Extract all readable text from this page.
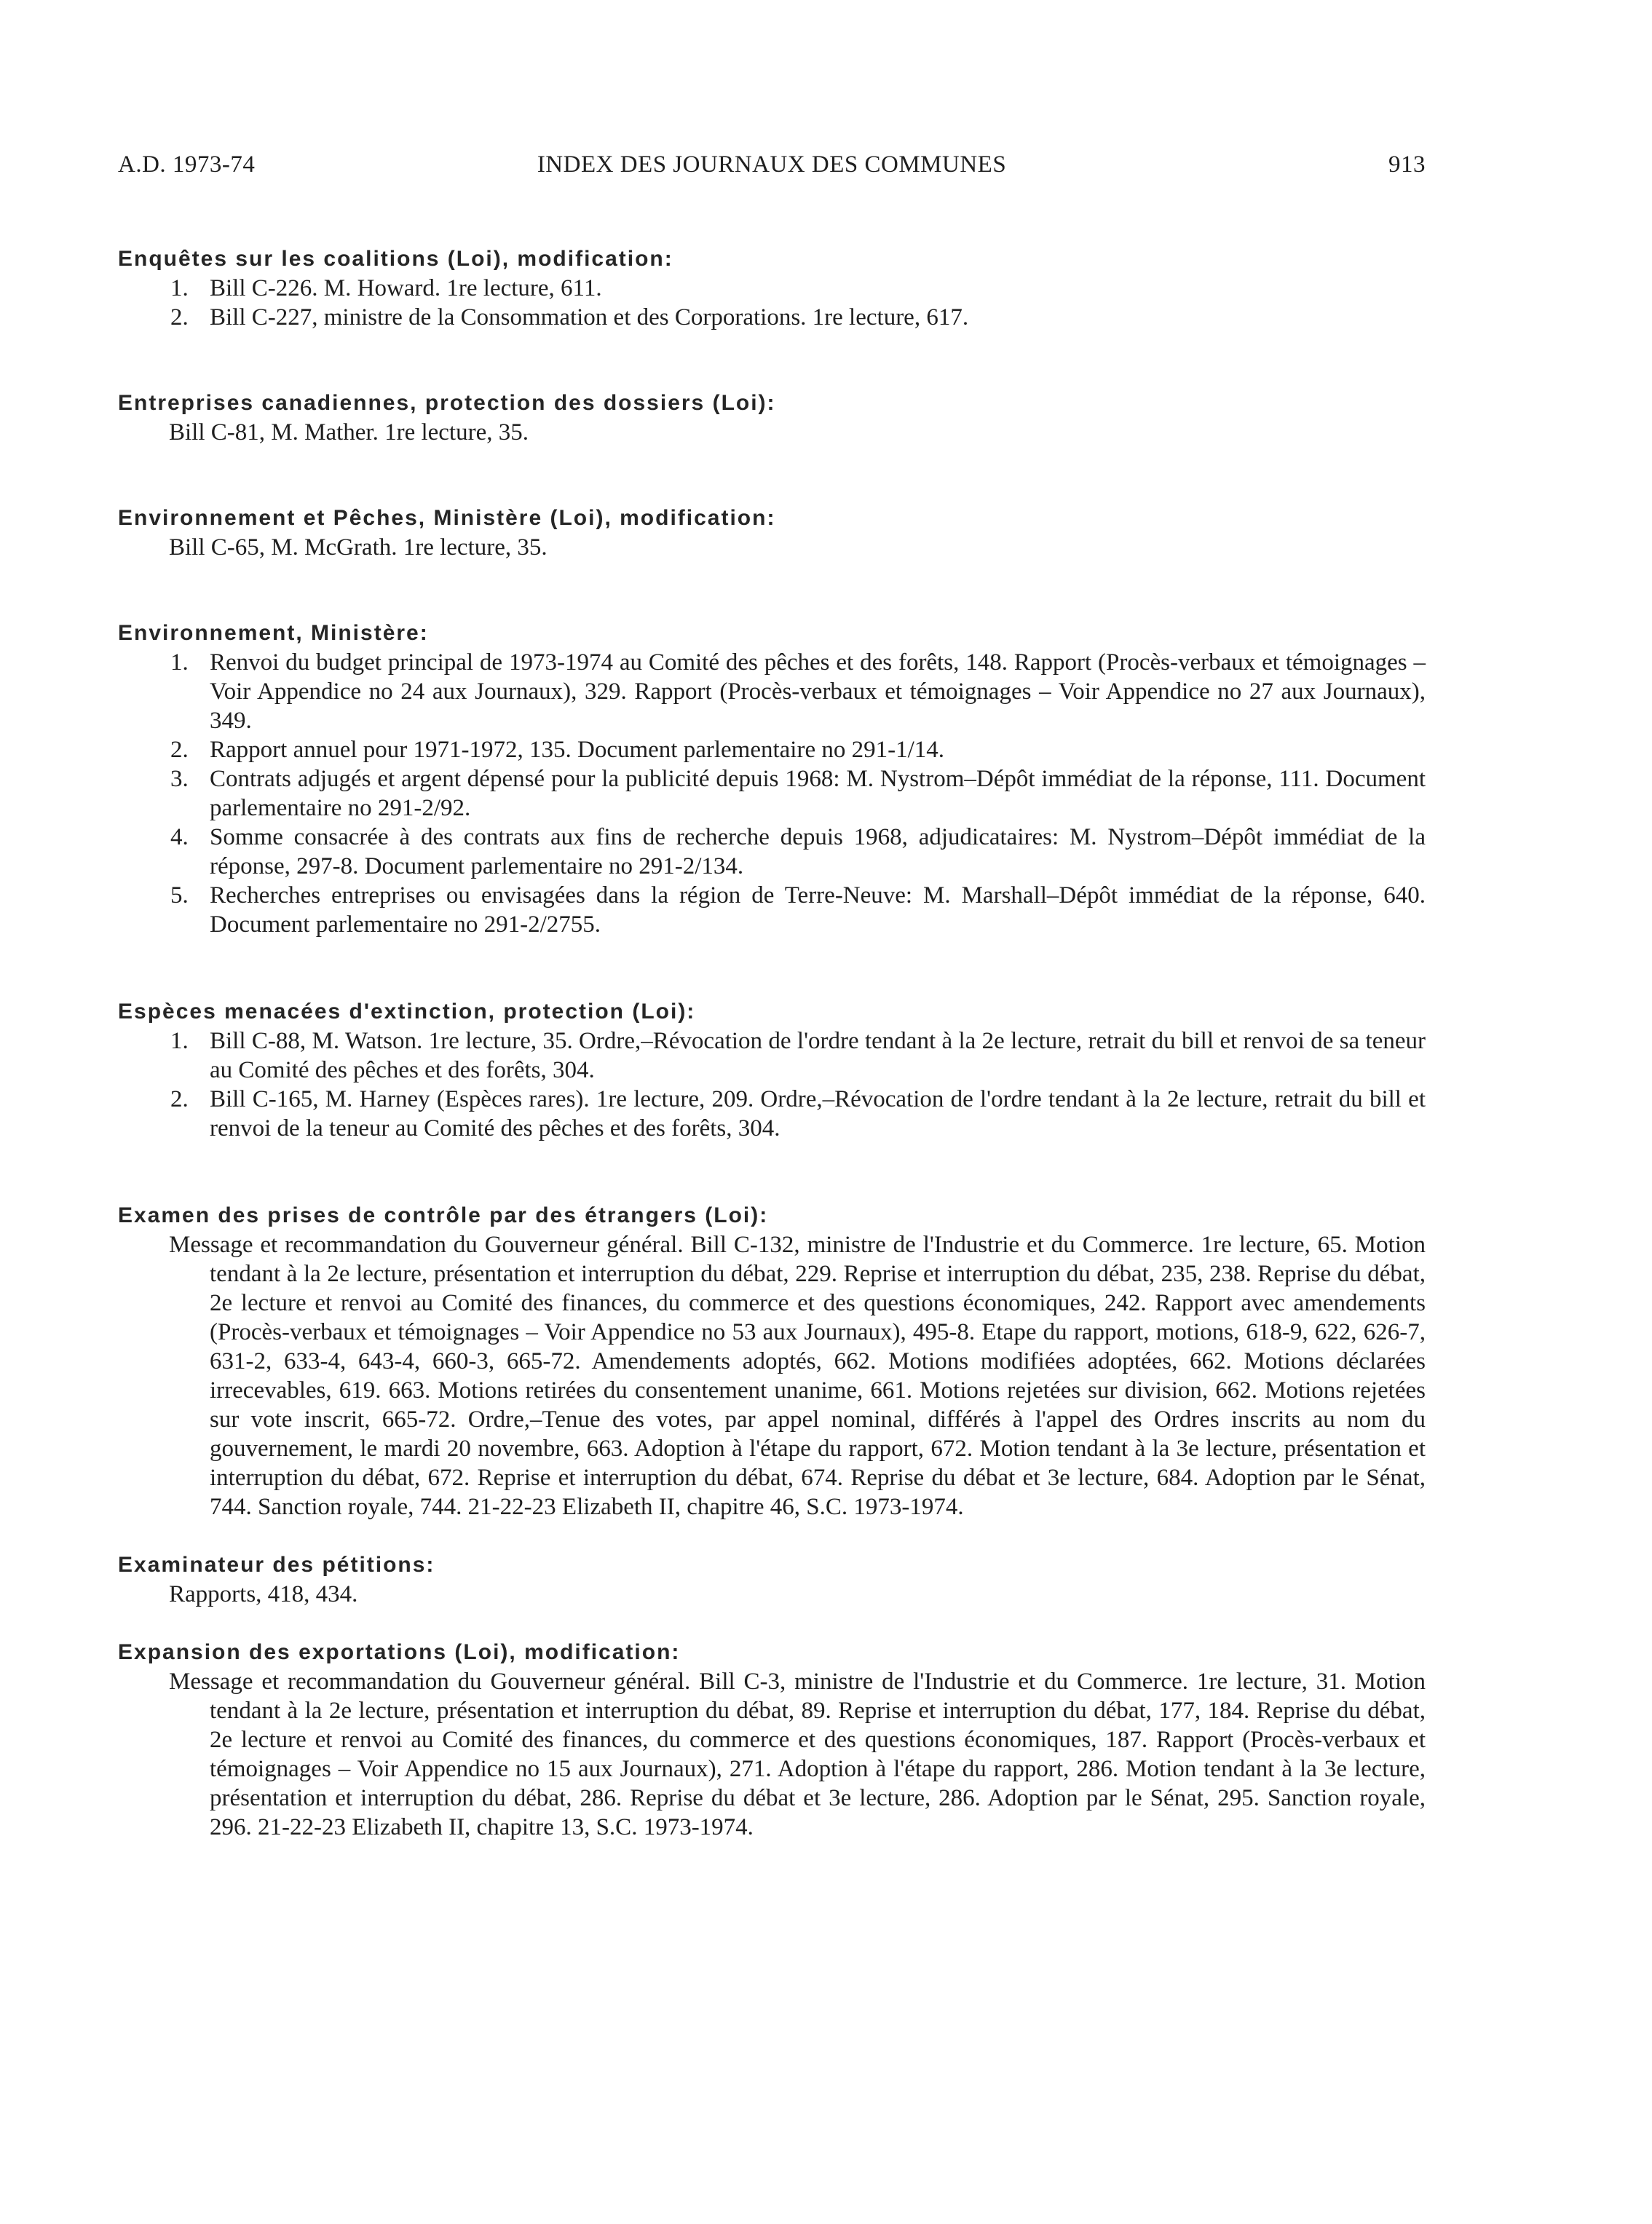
A.D. 1973-74	INDEX DES JOURNAUX DES COMMUNES	913
Enquêtes sur les coalitions (Loi), modification:
1. Bill C-226. M. Howard. 1re lecture, 611.
2. Bill C-227, ministre de la Consommation et des Corporations. 1re lecture, 617.
Entreprises canadiennes, protection des dossiers (Loi):
Bill C-81, M. Mather. 1re lecture, 35.
Environnement et Pêches, Ministère (Loi), modification:
Bill C-65, M. McGrath. 1re lecture, 35.
Environnement, Ministère:
1. Renvoi du budget principal de 1973-1974 au Comité des pêches et des forêts, 148. Rapport (Procès-verbaux et témoignages – Voir Appendice no 24 aux Journaux), 329. Rapport (Procès-verbaux et témoignages – Voir Appendice no 27 aux Journaux), 349.
2. Rapport annuel pour 1971-1972, 135. Document parlementaire no 291-1/14.
3. Contrats adjugés et argent dépensé pour la publicité depuis 1968: M. Nystrom–Dépôt immédiat de la réponse, 111. Document parlementaire no 291-2/92.
4. Somme consacrée à des contrats aux fins de recherche depuis 1968, adjudicataires: M. Nystrom–Dépôt immédiat de la réponse, 297-8. Document parlementaire no 291-2/134.
5. Recherches entreprises ou envisagées dans la région de Terre-Neuve: M. Marshall–Dépôt immédiat de la réponse, 640. Document parlementaire no 291-2/2755.
Espèces menacées d'extinction, protection (Loi):
1. Bill C-88, M. Watson. 1re lecture, 35. Ordre,–Révocation de l'ordre tendant à la 2e lecture, retrait du bill et renvoi de sa teneur au Comité des pêches et des forêts, 304.
2. Bill C-165, M. Harney (Espèces rares). 1re lecture, 209. Ordre,–Révocation de l'ordre tendant à la 2e lecture, retrait du bill et renvoi de la teneur au Comité des pêches et des forêts, 304.
Examen des prises de contrôle par des étrangers (Loi):
Message et recommandation du Gouverneur général. Bill C-132, ministre de l'Industrie et du Commerce. 1re lecture, 65. Motion tendant à la 2e lecture, présentation et interruption du débat, 229. Reprise et interruption du débat, 235, 238. Reprise du débat, 2e lecture et renvoi au Comité des finances, du commerce et des questions économiques, 242. Rapport avec amendements (Procès-verbaux et témoignages – Voir Appendice no 53 aux Journaux), 495-8. Etape du rapport, motions, 618-9, 622, 626-7, 631-2, 633-4, 643-4, 660-3, 665-72. Amendements adoptés, 662. Motions modifiées adoptées, 662. Motions déclarées irrecevables, 619. 663. Motions retirées du consentement unanime, 661. Motions rejetées sur division, 662. Motions rejetées sur vote inscrit, 665-72. Ordre,–Tenue des votes, par appel nominal, différés à l'appel des Ordres inscrits au nom du gouvernement, le mardi 20 novembre, 663. Adoption à l'étape du rapport, 672. Motion tendant à la 3e lecture, présentation et interruption du débat, 672. Reprise et interruption du débat, 674. Reprise du débat et 3e lecture, 684. Adoption par le Sénat, 744. Sanction royale, 744. 21-22-23 Elizabeth II, chapitre 46, S.C. 1973-1974.
Examinateur des pétitions:
Rapports, 418, 434.
Expansion des exportations (Loi), modification:
Message et recommandation du Gouverneur général. Bill C-3, ministre de l'Industrie et du Commerce. 1re lecture, 31. Motion tendant à la 2e lecture, présentation et interruption du débat, 89. Reprise et interruption du débat, 177, 184. Reprise du débat, 2e lecture et renvoi au Comité des finances, du commerce et des questions économiques, 187. Rapport (Procès-verbaux et témoignages – Voir Appendice no 15 aux Journaux), 271. Adoption à l'étape du rapport, 286. Motion tendant à la 3e lecture, présentation et interruption du débat, 286. Reprise du débat et 3e lecture, 286. Adoption par le Sénat, 295. Sanction royale, 296. 21-22-23 Elizabeth II, chapitre 13, S.C. 1973-1974.
